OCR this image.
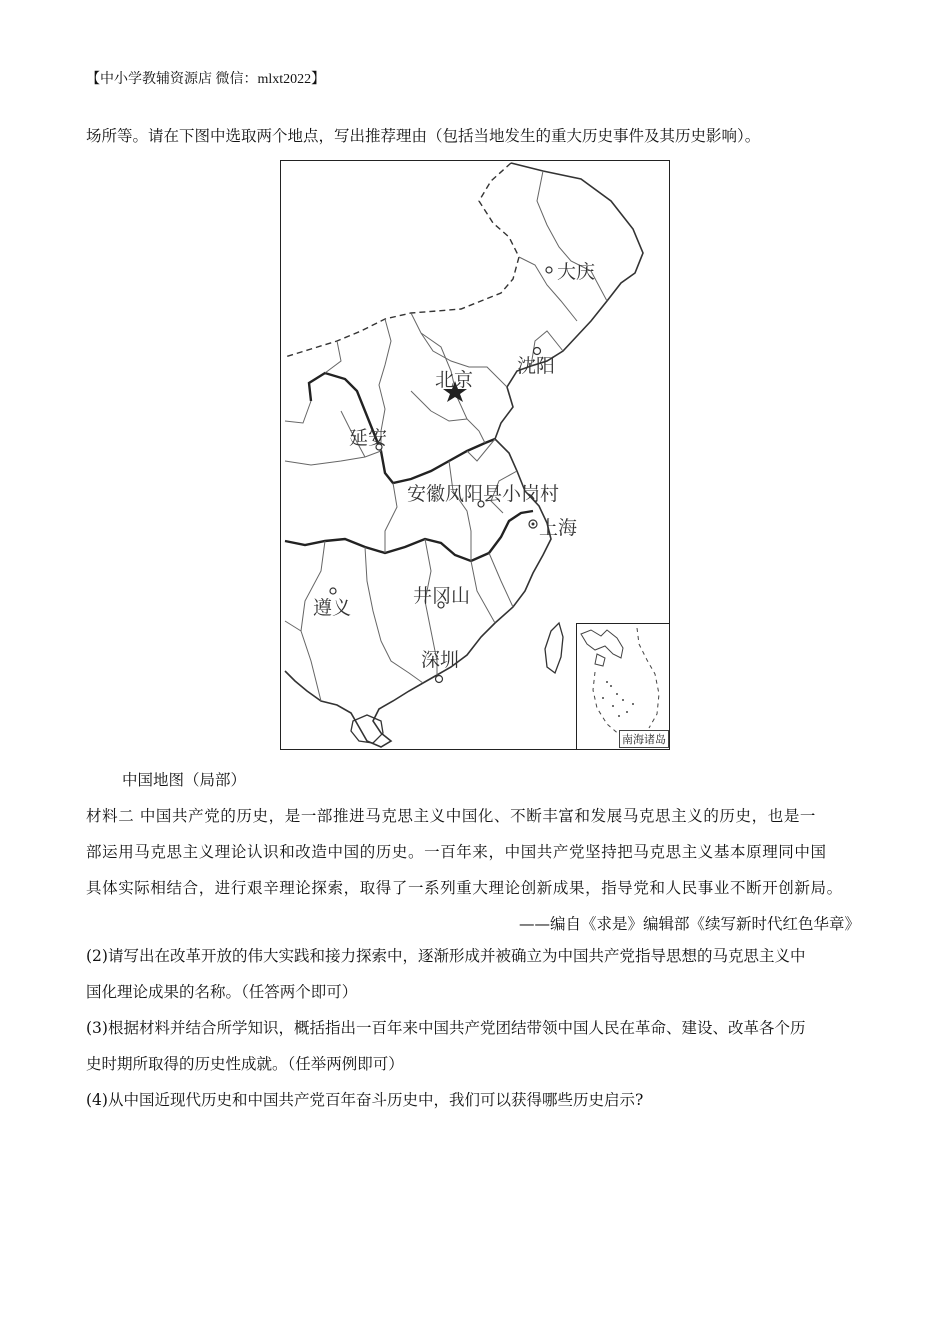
【中小学教辅资源店 微信：mlxt2022】
场所等。请在下图中选取两个地点，写出推荐理由（包括当地发生的重大历史事件及其历史影响）。
大庆
沈阳
北京
延安
安徽凤阳县小岗村
上海
遵义
井冈山
深圳
南海诸岛
中国地图（局部）
材料二 中国共产党的历史，是一部推进马克思主义中国化、不断丰富和发展马克思主义的历史，也是一
部运用马克思主义理论认识和改造中国的历史。一百年来，中国共产党坚持把马克思主义基本原理同中国
具体实际相结合，进行艰辛理论探索，取得了一系列重大理论创新成果，指导党和人民事业不断开创新局。
——编自《求是》编辑部《续写新时代红色华章》
(2)请写出在改革开放的伟大实践和接力探索中，逐渐形成并被确立为中国共产党指导思想的马克思主义中
国化理论成果的名称。（任答两个即可）
(3)根据材料并结合所学知识，概括指出一百年来中国共产党团结带领中国人民在革命、建设、改革各个历
史时期所取得的历史性成就。（任举两例即可）
(4)从中国近现代历史和中国共产党百年奋斗历史中，我们可以获得哪些历史启示?
